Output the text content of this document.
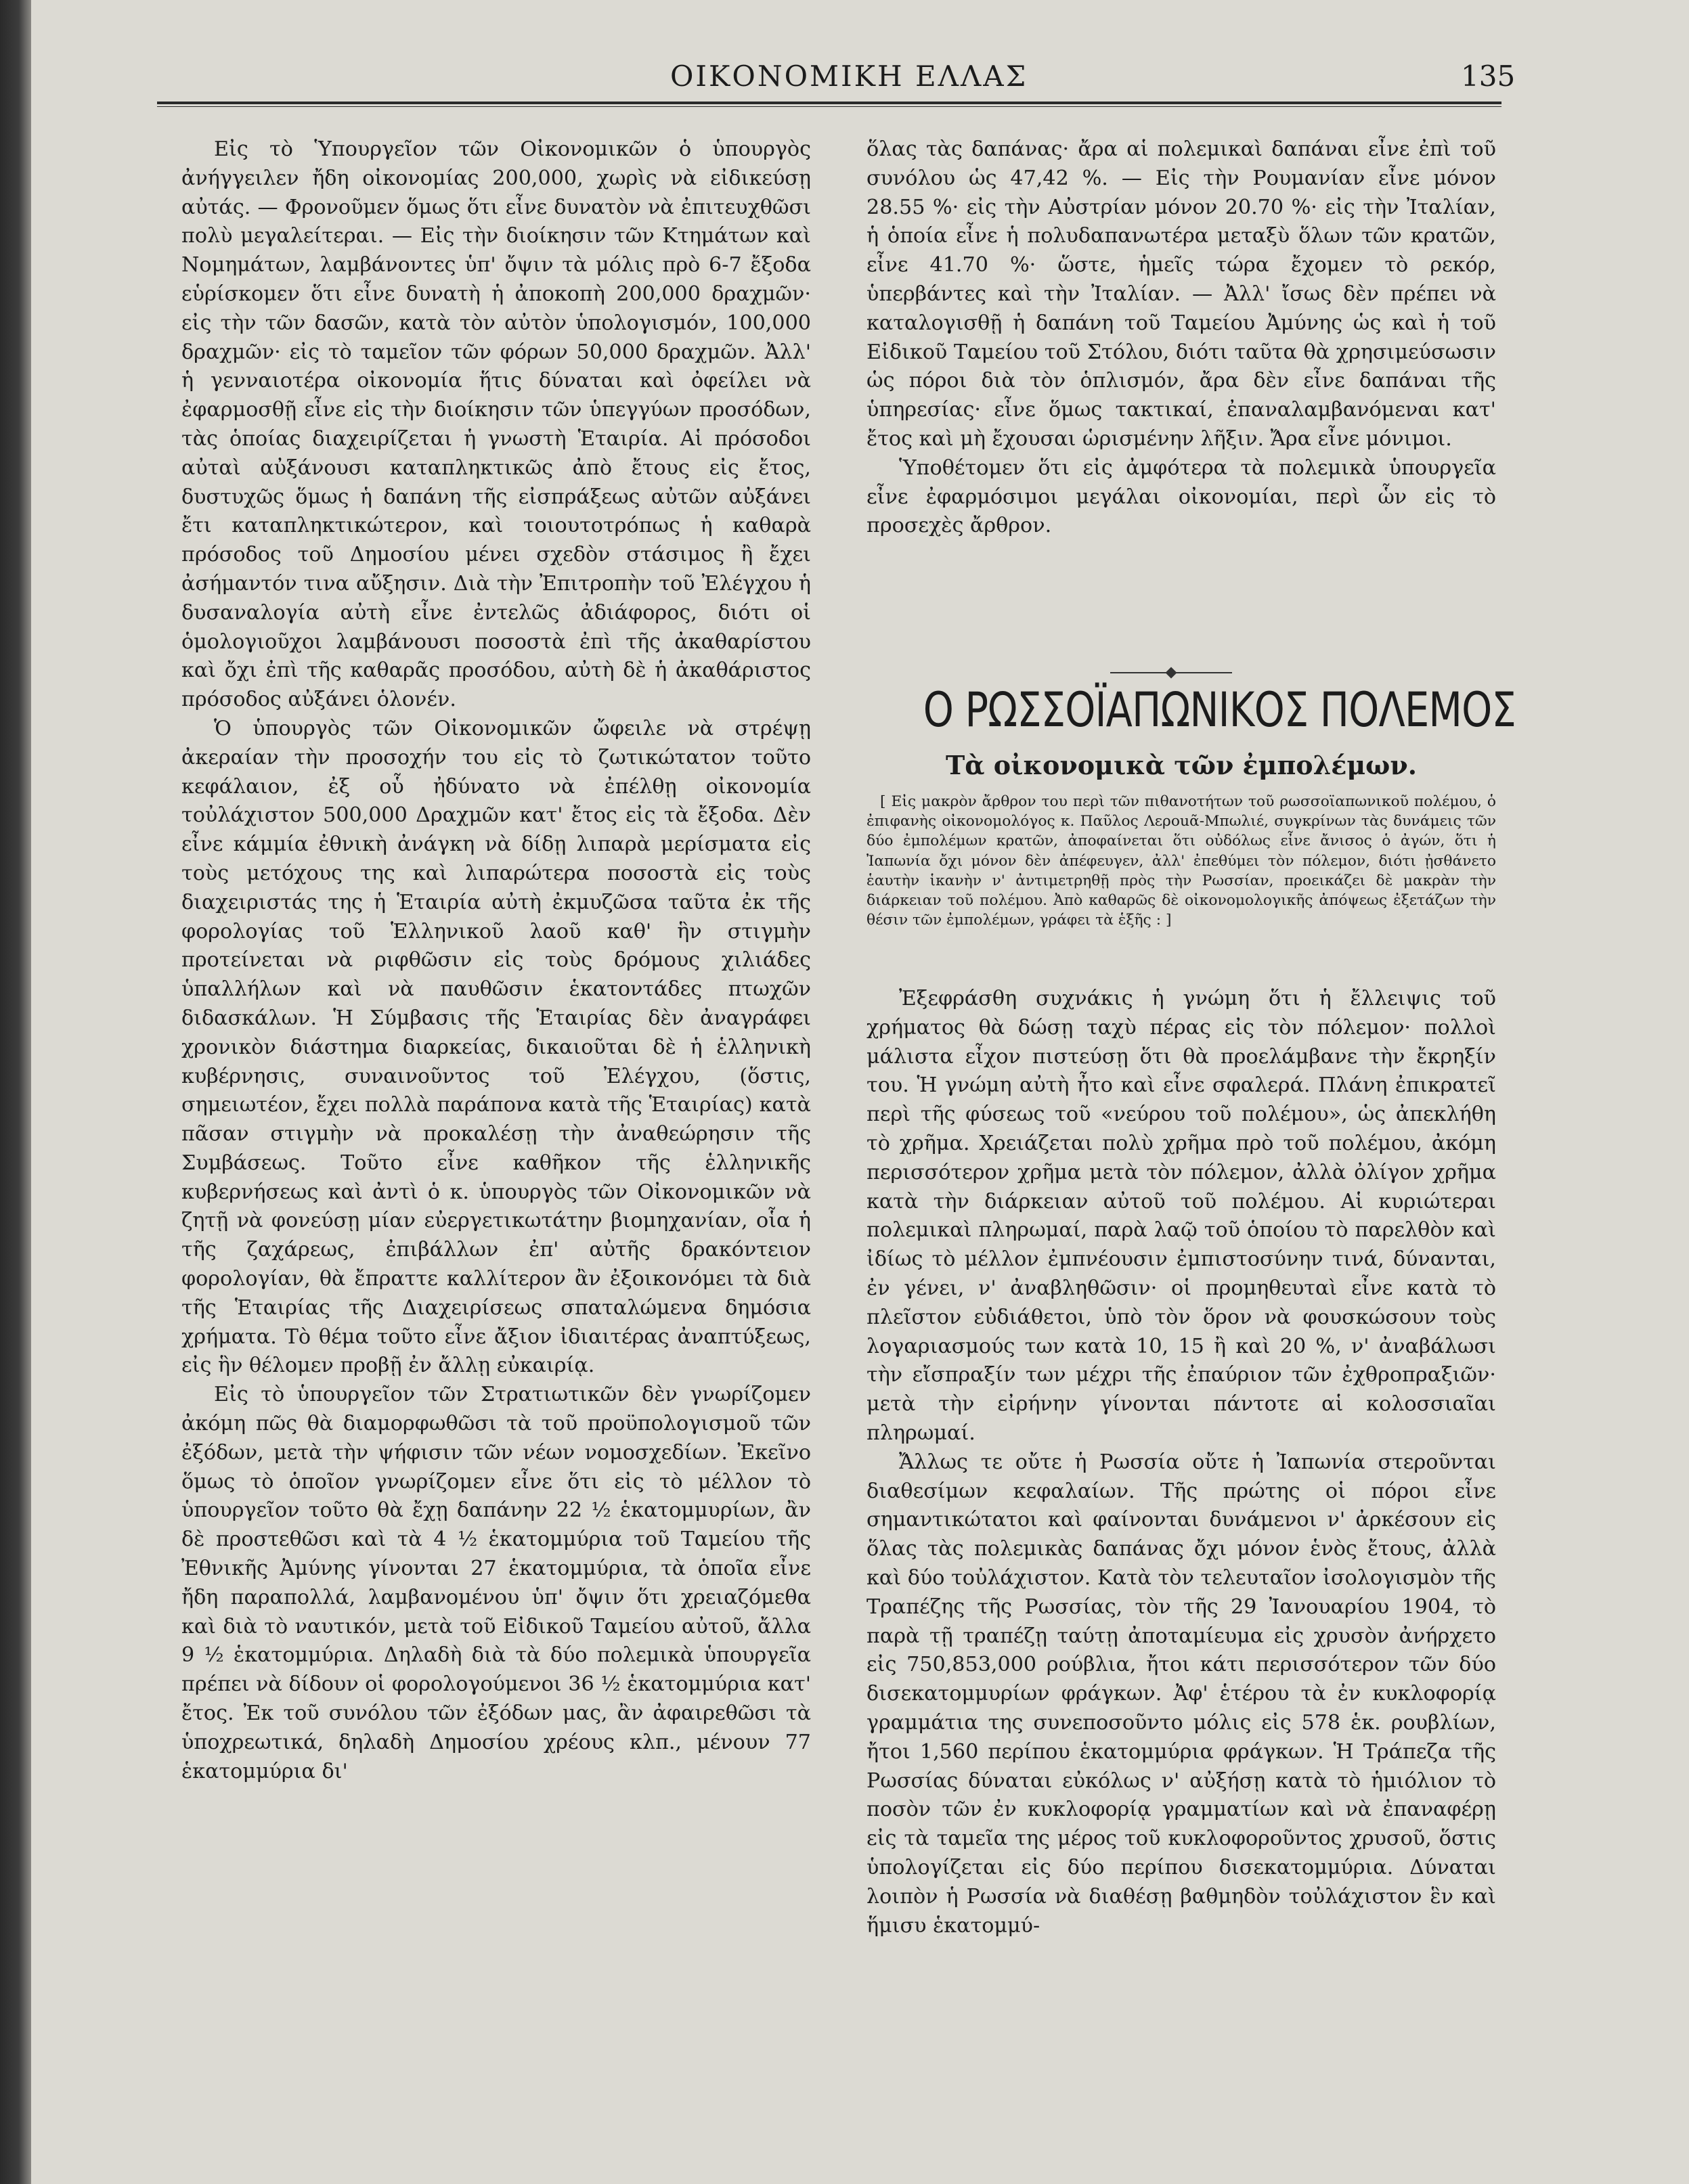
ΟΙΚΟΝΟΜΙΚΗ ΕΛΛΑΣ	135

Εἰς τὸ Ὑπουργεῖον τῶν Οἰκονομικῶν ὁ ὑπουργὸς ἀνήγγειλεν ἤδη οἰκονομίας 200,000, χωρὶς νὰ εἰδικεύσῃ αὐτάς. — Φρονοῦμεν ὅμως ὅτι εἶνε δυνατὸν νὰ ἐπιτευχθῶσι πολὺ μεγαλείτεραι. — Εἰς τὴν διοίκησιν τῶν Κτημάτων καὶ Νομημάτων, λαμβάνοντες ὑπ' ὄψιν τὰ μόλις πρὸ 6-7 ἔξοδα εὑρίσκομεν ὅτι εἶνε δυνατὴ ἡ ἀποκοπὴ 200,000 δραχμῶν· εἰς τὴν τῶν δασῶν, κατὰ τὸν αὐτὸν ὑπολογισμόν, 100,000 δραχμῶν· εἰς τὸ ταμεῖον τῶν φόρων 50,000 δραχμῶν. Ἀλλ' ἡ γενναιοτέρα οἰκονομία ἥτις δύναται καὶ ὀφείλει νὰ ἐφαρμοσθῇ εἶνε εἰς τὴν διοίκησιν τῶν ὑπεγγύων προσόδων, τὰς ὁποίας διαχειρίζεται ἡ γνωστὴ Ἑταιρία. Αἱ πρόσοδοι αὐταὶ αὐξάνουσι καταπληκτικῶς ἀπὸ ἔτους εἰς ἔτος, δυστυχῶς ὅμως ἡ δαπάνη τῆς εἰσπράξεως αὐτῶν αὐξάνει ἔτι καταπληκτικώτερον, καὶ τοιουτοτρόπως ἡ καθαρὰ πρόσοδος τοῦ Δημοσίου μένει σχεδὸν στάσιμος ἢ ἔχει ἀσήμαντόν τινα αὔξησιν. Διὰ τὴν Ἐπιτροπὴν τοῦ Ἐλέγχου ἡ δυσαναλογία αὐτὴ εἶνε ἐντελῶς ἀδιάφορος, διότι οἱ ὁμολογιοῦχοι λαμβάνουσι ποσοστὰ ἐπὶ τῆς ἀκαθαρίστου καὶ ὄχι ἐπὶ τῆς καθαρᾶς προσόδου, αὐτὴ δὲ ἡ ἀκαθάριστος πρόσοδος αὐξάνει ὁλονέν.

Ὁ ὑπουργὸς τῶν Οἰκονομικῶν ὤφειλε νὰ στρέψῃ ἀκεραίαν τὴν προσοχήν του εἰς τὸ ζωτικώτατον τοῦτο κεφάλαιον, ἐξ οὗ ἠδύνατο νὰ ἐπέλθῃ οἰκονομία τοὐλάχιστον 500,000 Δραχμῶν κατ' ἔτος εἰς τὰ ἔξοδα. Δὲν εἶνε κάμμία ἐθνικὴ ἀνάγκη νὰ δίδῃ λιπαρὰ μερίσματα εἰς τοὺς μετόχους της καὶ λιπαρώτερα ποσοστὰ εἰς τοὺς διαχειριστάς της ἡ Ἑταιρία αὐτὴ ἐκμυζῶσα ταῦτα ἐκ τῆς φορολογίας τοῦ Ἑλληνικοῦ λαοῦ καθ' ἣν στιγμὴν προτείνεται νὰ ριφθῶσιν εἰς τοὺς δρόμους χιλιάδες ὑπαλλήλων καὶ νὰ παυθῶσιν ἑκατοντάδες πτωχῶν διδασκάλων. Ἡ Σύμβασις τῆς Ἑταιρίας δὲν ἀναγράφει χρονικὸν διάστημα διαρκείας, δικαιοῦται δὲ ἡ ἑλληνικὴ κυβέρνησις, συναινοῦντος τοῦ Ἐλέγχου, (ὅστις, σημειωτέον, ἔχει πολλὰ παράπονα κατὰ τῆς Ἑταιρίας) κατὰ πᾶσαν στιγμὴν νὰ προκαλέσῃ τὴν ἀναθεώρησιν τῆς Συμβάσεως. Τοῦτο εἶνε καθῆκον τῆς ἑλληνικῆς κυβερνήσεως καὶ ἀντὶ ὁ κ. ὑπουργὸς τῶν Οἰκονομικῶν νὰ ζητῇ νὰ φονεύσῃ μίαν εὐεργετικωτάτην βιομηχανίαν, οἷα ἡ τῆς ζαχάρεως, ἐπιβάλλων ἐπ' αὐτῆς δρακόντειον φορολογίαν, θὰ ἔπραττε καλλίτερον ἂν ἐξοικονόμει τὰ διὰ τῆς Ἑταιρίας τῆς Διαχειρίσεως σπαταλώμενα δημόσια χρήματα. Τὸ θέμα τοῦτο εἶνε ἄξιον ἰδιαιτέρας ἀναπτύξεως, εἰς ἣν θέλομεν προβῇ ἐν ἄλλῃ εὐκαιρίᾳ.

Εἰς τὸ ὑπουργεῖον τῶν Στρατιωτικῶν δὲν γνωρίζομεν ἀκόμη πῶς θὰ διαμορφωθῶσι τὰ τοῦ προϋπολογισμοῦ τῶν ἐξόδων, μετὰ τὴν ψήφισιν τῶν νέων νομοσχεδίων. Ἐκεῖνο ὅμως τὸ ὁποῖον γνωρίζομεν εἶνε ὅτι εἰς τὸ μέλλον τὸ ὑπουργεῖον τοῦτο θὰ ἔχῃ δαπάνην 22 ½ ἑκατομμυρίων, ἂν δὲ προστεθῶσι καὶ τὰ 4 ½ ἑκατομμύρια τοῦ Ταμείου τῆς Ἐθνικῆς Ἀμύνης γίνονται 27 ἑκατομμύρια, τὰ ὁποῖα εἶνε ἤδη παραπολλά, λαμβανομένου ὑπ' ὄψιν ὅτι χρειαζόμεθα καὶ διὰ τὸ ναυτικόν, μετὰ τοῦ Εἰδικοῦ Ταμείου αὐτοῦ, ἄλλα 9 ½ ἑκατομμύρια. Δηλαδὴ διὰ τὰ δύο πολεμικὰ ὑπουργεῖα πρέπει νὰ δίδουν οἱ φορολογούμενοι 36 ½ ἑκατομμύρια κατ' ἔτος. Ἐκ τοῦ συνόλου τῶν ἐξόδων μας, ἂν ἀφαιρεθῶσι τὰ ὑποχρεωτικά, δηλαδὴ Δημοσίου χρέους κλπ., μένουν 77 ἑκατομμύρια δι'

ὅλας τὰς δαπάνας· ἄρα αἱ πολεμικαὶ δαπάναι εἶνε ἐπὶ τοῦ συνόλου ὡς 47,42 %. — Εἰς τὴν Ρουμανίαν εἶνε μόνον 28.55 %· εἰς τὴν Αὐστρίαν μόνον 20.70 %· εἰς τὴν Ἰταλίαν, ἡ ὁποία εἶνε ἡ πολυδαπανωτέρα μεταξὺ ὅλων τῶν κρατῶν, εἶνε 41.70 %· ὥστε, ἡμεῖς τώρα ἔχομεν τὸ ρεκόρ, ὑπερβάντες καὶ τὴν Ἰταλίαν. — Ἀλλ' ἴσως δὲν πρέπει νὰ καταλογισθῇ ἡ δαπάνη τοῦ Ταμείου Ἀμύνης ὡς καὶ ἡ τοῦ Εἰδικοῦ Ταμείου τοῦ Στόλου, διότι ταῦτα θὰ χρησιμεύσωσιν ὡς πόροι διὰ τὸν ὁπλισμόν, ἄρα δὲν εἶνε δαπάναι τῆς ὑπηρεσίας· εἶνε ὅμως τακτικαί, ἐπαναλαμβανόμεναι κατ' ἔτος καὶ μὴ ἔχουσαι ὡρισμένην λῆξιν. Ἄρα εἶνε μόνιμοι.

Ὑποθέτομεν ὅτι εἰς ἀμφότερα τὰ πολεμικὰ ὑπουργεῖα εἶνε ἐφαρμόσιμοι μεγάλαι οἰκονομίαι, περὶ ὧν εἰς τὸ προσεχὲς ἄρθρον.

Ο ΡΩΣΣΟΪΑΠΩΝΙΚΟΣ ΠΟΛΕΜΟΣ
Τὰ οἰκονομικὰ τῶν ἐμπολέμων.

[ Εἰς μακρὸν ἄρθρον του περὶ τῶν πιθανοτήτων τοῦ ρωσσοϊαπωνικοῦ πολέμου, ὁ ἐπιφανὴς οἰκονομολόγος κ. Παῦλος Λεροuᾶ-Μπωλιέ, συγκρίνων τὰς δυνάμεις τῶν δύο ἐμπολέμων κρατῶν, ἀποφαίνεται ὅτι οὐδόλως εἶνε ἄνισος ὁ ἀγών, ὅτι ἡ Ἰαπωνία ὄχι μόνον δὲν ἀπέφευγεν, ἀλλ' ἐπεθύμει τὸν πόλεμον, διότι ᾐσθάνετο ἑαυτὴν ἱκανὴν ν' ἀντιμετρηθῇ πρὸς τὴν Ρωσσίαν, προεικάζει δὲ μακρὰν τὴν διάρκειαν τοῦ πολέμου. Ἀπὸ καθαρῶς δὲ οἰκονομολογικῆς ἀπόψεως ἐξετάζων τὴν θέσιν τῶν ἐμπολέμων, γράφει τὰ ἑξῆς : ]

Ἐξεφράσθη συχνάκις ἡ γνώμη ὅτι ἡ ἔλλειψις τοῦ χρήματος θὰ δώσῃ ταχὺ πέρας εἰς τὸν πόλεμον· πολλοὶ μάλιστα εἶχον πιστεύσῃ ὅτι θὰ προελάμβανε τὴν ἔκρηξίν του. Ἡ γνώμη αὐτὴ ἦτο καὶ εἶνε σφαλερά. Πλάνη ἐπικρατεῖ περὶ τῆς φύσεως τοῦ «νεύρου τοῦ πολέμου», ὡς ἀπεκλήθη τὸ χρῆμα. Χρειάζεται πολὺ χρῆμα πρὸ τοῦ πολέμου, ἀκόμη περισσότερον χρῆμα μετὰ τὸν πόλεμον, ἀλλὰ ὀλίγον χρῆμα κατὰ τὴν διάρκειαν αὐτοῦ τοῦ πολέμου. Αἱ κυριώτεραι πολεμικαὶ πληρωμαί, παρὰ λαῷ τοῦ ὁποίου τὸ παρελθὸν καὶ ἰδίως τὸ μέλλον ἐμπνέουσιν ἐμπιστοσύνην τινά, δύνανται, ἐν γένει, ν' ἀναβληθῶσιν· οἱ προμηθευταὶ εἶνε κατὰ τὸ πλεῖστον εὐδιάθετοι, ὑπὸ τὸν ὅρον νὰ φουσκώσουν τοὺς λογαριασμούς των κατὰ 10, 15 ἢ καὶ 20 %, ν' ἀναβάλωσι τὴν εἴσπραξίν των μέχρι τῆς ἐπαύριον τῶν ἐχθροπραξιῶν· μετὰ τὴν εἰρήνην γίνονται πάντοτε αἱ κολοσσιαῖαι πληρωμαί.

Ἄλλως τε οὔτε ἡ Ρωσσία οὔτε ἡ Ἰαπωνία στεροῦνται διαθεσίμων κεφαλαίων. Τῆς πρώτης οἱ πόροι εἶνε σημαντικώτατοι καὶ φαίνονται δυνάμενοι ν' ἀρκέσουν εἰς ὅλας τὰς πολεμικὰς δαπάνας ὄχι μόνον ἑνὸς ἔτους, ἀλλὰ καὶ δύο τοὐλάχιστον. Κατὰ τὸν τελευταῖον ἰσολογισμὸν τῆς Τραπέζης τῆς Ρωσσίας, τὸν τῆς 29 Ἰανουαρίου 1904, τὸ παρὰ τῇ τραπέζῃ ταύτῃ ἀποταμίευμα εἰς χρυσὸν ἀνήρχετο εἰς 750,853,000 ρούβλια, ἤτοι κάτι περισσότερον τῶν δύο δισεκατομμυρίων φράγκων. Ἀφ' ἑτέρου τὰ ἐν κυκλοφορίᾳ γραμμάτια της συνεποσοῦντο μόλις εἰς 578 ἑκ. ρουβλίων, ἤτοι 1,560 περίπου ἑκατομμύρια φράγκων. Ἡ Τράπεζα τῆς Ρωσσίας δύναται εὐκόλως ν' αὐξήσῃ κατὰ τὸ ἡμιόλιον τὸ ποσὸν τῶν ἐν κυκλοφορίᾳ γραμματίων καὶ νὰ ἐπαναφέρῃ εἰς τὰ ταμεῖα της μέρος τοῦ κυκλοφοροῦντος χρυσοῦ, ὅστις ὑπολογίζεται εἰς δύο περίπου δισεκατομμύρια. Δύναται λοιπὸν ἡ Ρωσσία νὰ διαθέσῃ βαθμηδὸν τοὐλάχιστον ἓν καὶ ἥμισυ ἑκατομμύ-
